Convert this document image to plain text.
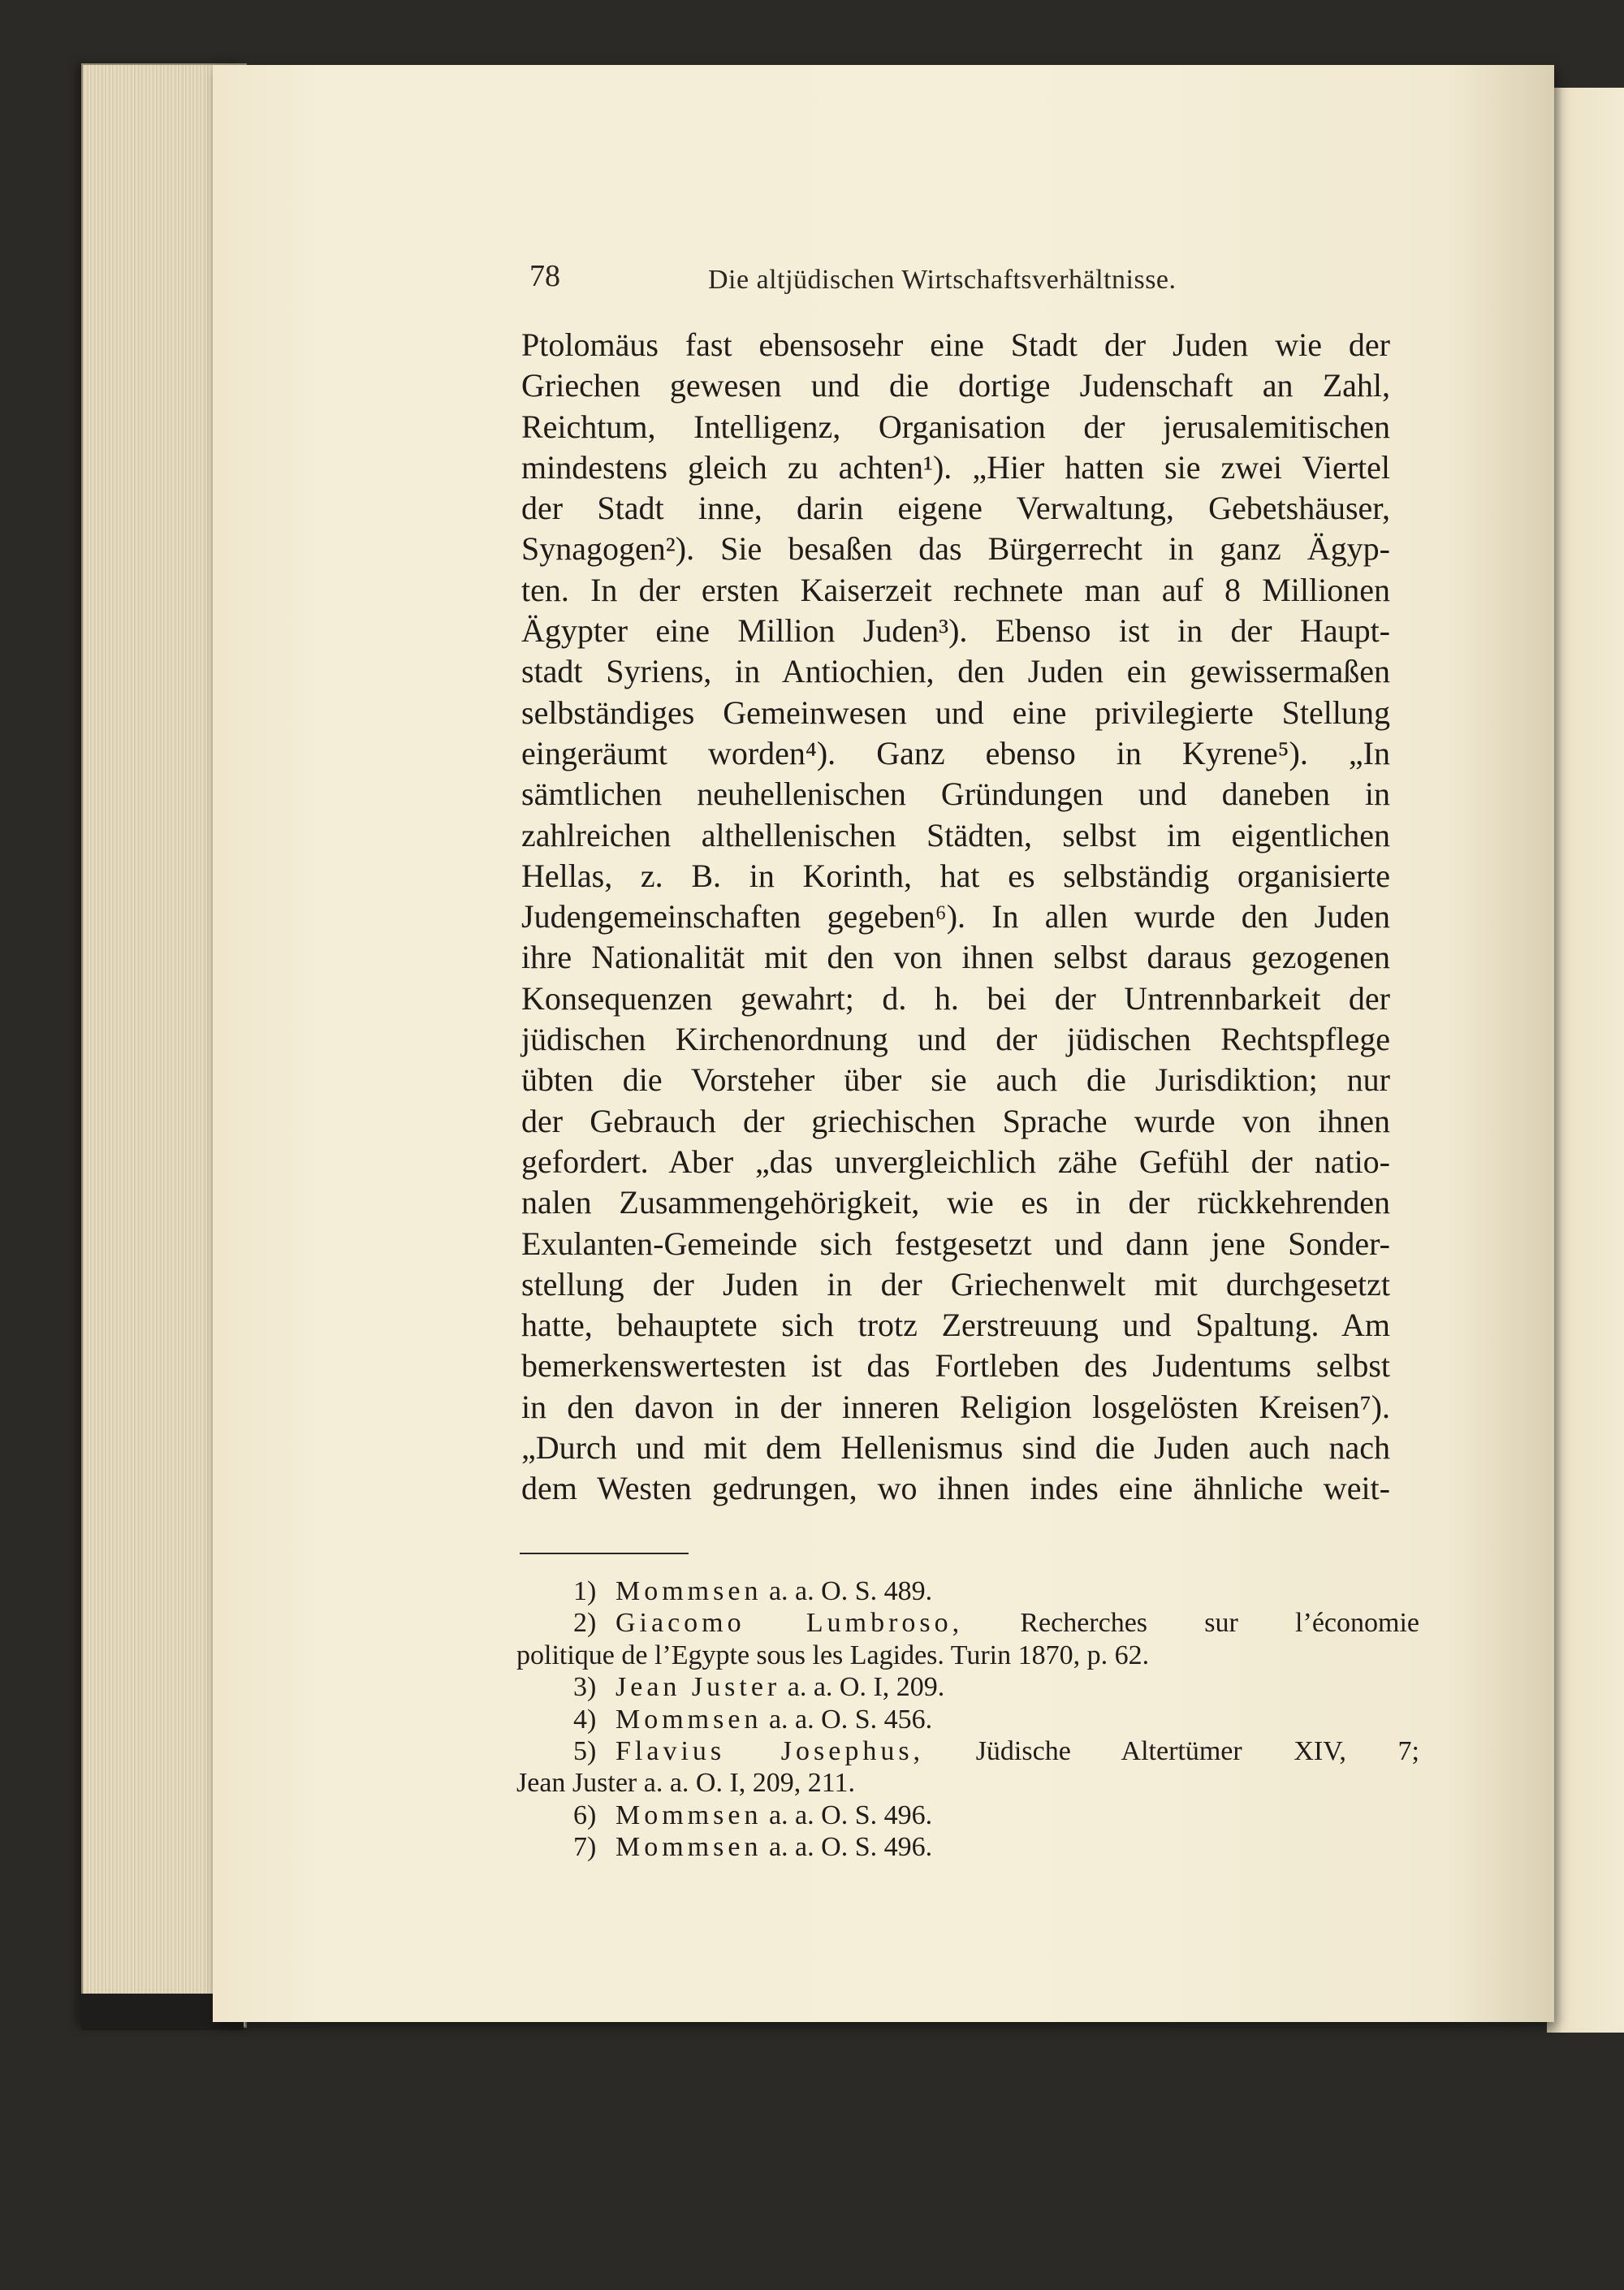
78	Die altjüdischen Wirtschaftsverhältnisse.
Ptolomäus fast ebensosehr eine Stadt der Juden wie der
Griechen gewesen und die dortige Judenschaft an Zahl,
Reichtum, Intelligenz, Organisation der jerusalemitischen
mindestens gleich zu achten¹). „Hier hatten sie zwei Viertel
der Stadt inne, darin eigene Verwaltung, Gebetshäuser,
Synagogen²). Sie besaßen das Bürgerrecht in ganz Ägyp-
ten. In der ersten Kaiserzeit rechnete man auf 8 Millionen
Ägypter eine Million Juden³). Ebenso ist in der Haupt-
stadt Syriens, in Antiochien, den Juden ein gewissermaßen
selbständiges Gemeinwesen und eine privilegierte Stellung
eingeräumt worden⁴). Ganz ebenso in Kyrene⁵). „In
sämtlichen neuhellenischen Gründungen und daneben in
zahlreichen althellenischen Städten, selbst im eigentlichen
Hellas, z. B. in Korinth, hat es selbständig organisierte
Judengemeinschaften gegeben⁶). In allen wurde den Juden
ihre Nationalität mit den von ihnen selbst daraus gezogenen
Konsequenzen gewahrt; d. h. bei der Untrennbarkeit der
jüdischen Kirchenordnung und der jüdischen Rechtspflege
übten die Vorsteher über sie auch die Jurisdiktion; nur
der Gebrauch der griechischen Sprache wurde von ihnen
gefordert. Aber „das unvergleichlich zähe Gefühl der natio-
nalen Zusammengehörigkeit, wie es in der rückkehrenden
Exulanten-Gemeinde sich festgesetzt und dann jene Sonder-
stellung der Juden in der Griechenwelt mit durchgesetzt
hatte, behauptete sich trotz Zerstreuung und Spaltung. Am
bemerkenswertesten ist das Fortleben des Judentums selbst
in den davon in der inneren Religion losgelösten Kreisen⁷).
„Durch und mit dem Hellenismus sind die Juden auch nach
dem Westen gedrungen, wo ihnen indes eine ähnliche weit-
1) Mommsen a. a. O. S. 489.
2) Giacomo Lumbroso, Recherches sur l’économie
politique de l’Egypte sous les Lagides. Turin 1870, p. 62.
3) Jean Juster a. a. O. I, 209.
4) Mommsen a. a. O. S. 456.
5) Flavius Josephus, Jüdische Altertümer XIV, 7;
Jean Juster a. a. O. I, 209, 211.
6) Mommsen a. a. O. S. 496.
7) Mommsen a. a. O. S. 496.
